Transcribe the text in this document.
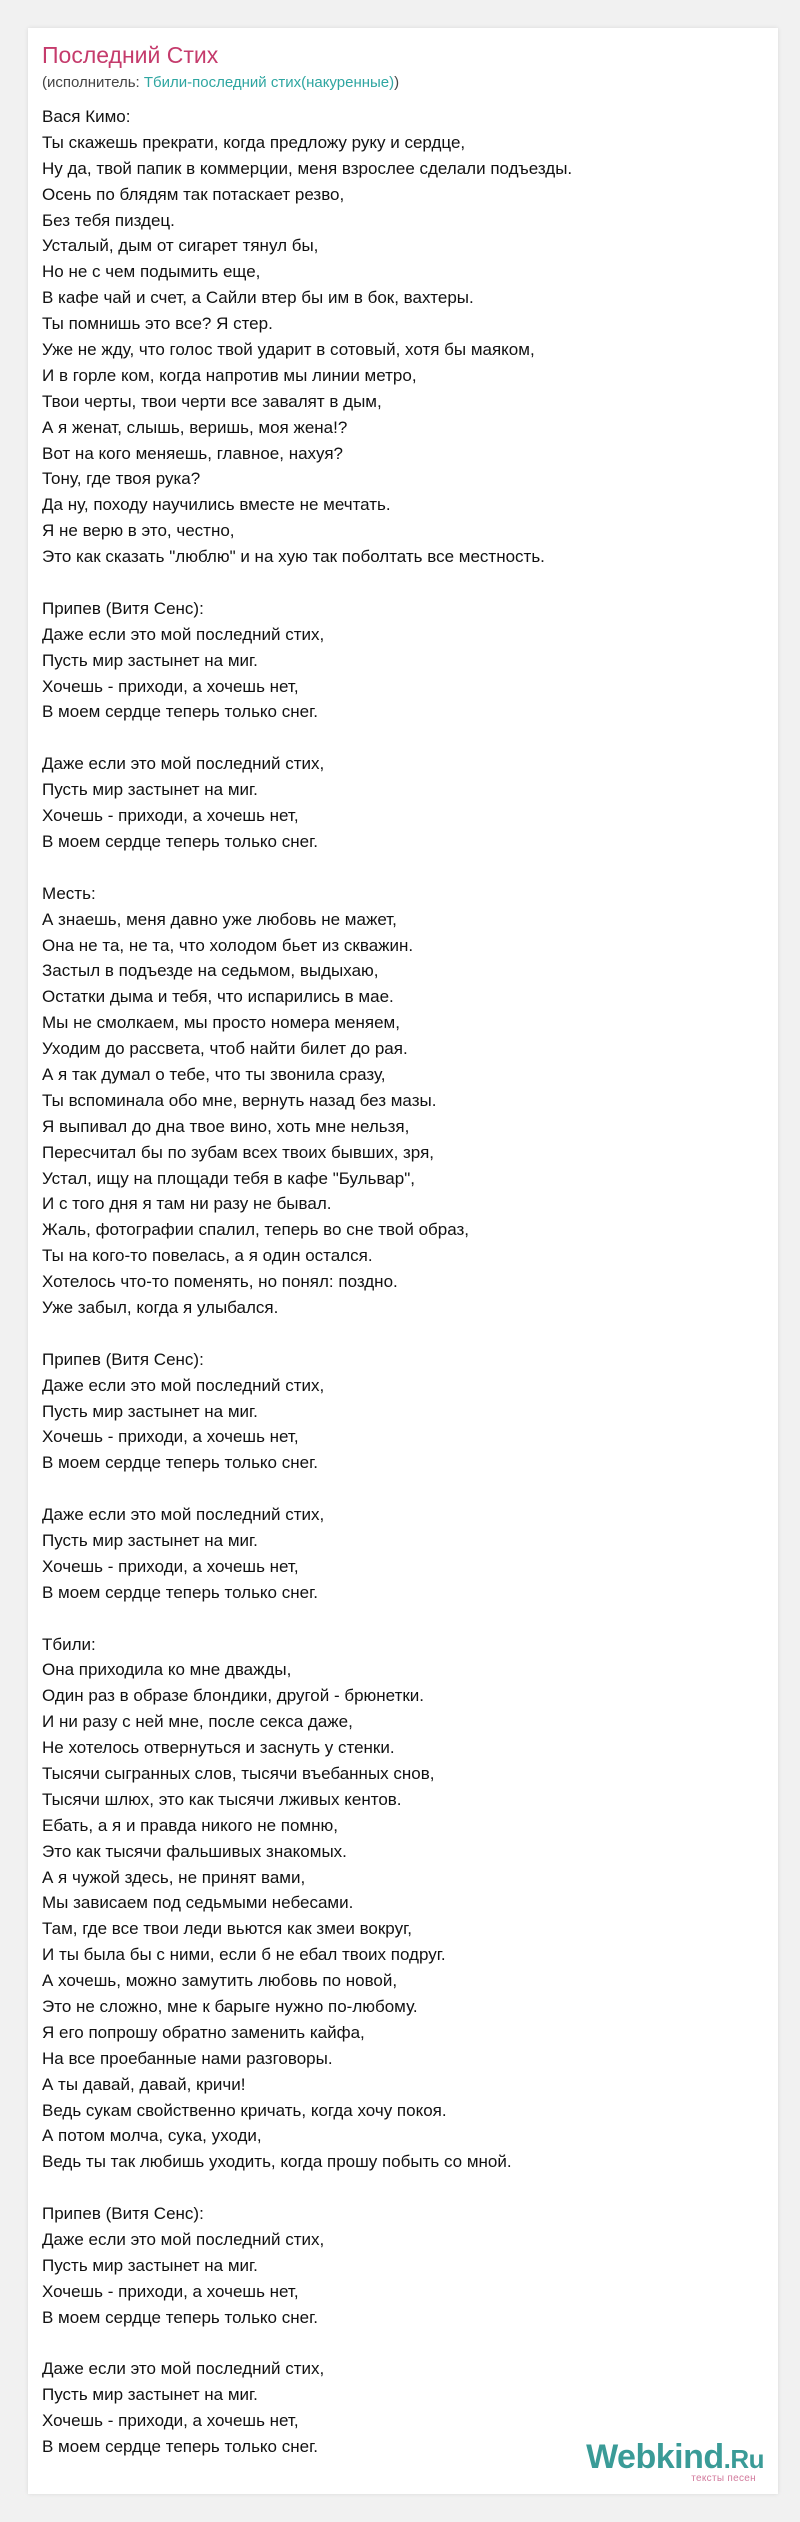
Последний Стих
(исполнитель: Тбили-последний стих(накуренные))
Вася Кимо:
Ты скажешь прекрати, когда предложу руку и сердце,
Ну да, твой папик в коммерции, меня взрослее сделали подъезды.
Осень по блядям так потаскает резво,
Без тебя пиздец.
Усталый, дым от сигарет тянул бы,
Но не с чем подымить еще,
В кафе чай и счет, а Сайли втер бы им в бок, вахтеры.
Ты помнишь это все? Я стер.
Уже не жду, что голос твой ударит в сотовый, хотя бы маяком,
И в горле ком, когда напротив мы линии метро,
Твои черты, твои черти все завалят в дым,
А я женат, слышь, веришь, моя жена!?
Вот на кого меняешь, главное, нахуя?
Тону, где твоя рука?
Да ну, походу научились вместе не мечтать.
Я не верю в это, честно,
Это как сказать "люблю" и на хую так поболтать все местность.
Припев (Витя Сенс):
Даже если это мой последний стих,
Пусть мир застынет на миг.
Хочешь - приходи, а хочешь нет,
В моем сердце теперь только снег.
Даже если это мой последний стих,
Пусть мир застынет на миг.
Хочешь - приходи, а хочешь нет,
В моем сердце теперь только снег.
Месть:
А знаешь, меня давно уже любовь не мажет,
Она не та, не та, что холодом бьет из скважин.
Застыл в подъезде на седьмом, выдыхаю,
Остатки дыма и тебя, что испарились в мае.
Мы не смолкаем, мы просто номера меняем,
Уходим до рассвета, чтоб найти билет до рая.
А я так думал о тебе, что ты звонила сразу,
Ты вспоминала обо мне, вернуть назад без мазы.
Я выпивал до дна твое вино, хоть мне нельзя,
Пересчитал бы по зубам всех твоих бывших, зря,
Устал, ищу на площади тебя в кафе "Бульвар",
И с того дня я там ни разу не бывал.
Жаль, фотографии спалил, теперь во сне твой образ,
Ты на кого-то повелась, а я один остался.
Хотелось что-то поменять, но понял: поздно.
Уже забыл, когда я улыбался.
Припев (Витя Сенс):
Даже если это мой последний стих,
Пусть мир застынет на миг.
Хочешь - приходи, а хочешь нет,
В моем сердце теперь только снег.
Даже если это мой последний стих,
Пусть мир застынет на миг.
Хочешь - приходи, а хочешь нет,
В моем сердце теперь только снег.
Тбили:
Она приходила ко мне дважды,
Один раз в образе блондики, другой - брюнетки.
И ни разу с ней мне, после секса даже,
Не хотелось отвернуться и заснуть у стенки.
Тысячи сыгранных слов, тысячи въебанных снов,
Тысячи шлюх, это как тысячи лживых кентов.
Ебать, а я и правда никого не помню,
Это как тысячи фальшивых знакомых.
А я чужой здесь, не принят вами,
Мы зависаем под седьмыми небесами.
Там, где все твои леди вьются как змеи вокруг,
И ты была бы с ними, если б не ебал твоих подруг.
А хочешь, можно замутить любовь по новой,
Это не сложно, мне к барыге нужно по-любому.
Я его попрошу обратно заменить кайфа,
На все проебанные нами разговоры.
А ты давай, давай, кричи!
Ведь сукам свойственно кричать, когда хочу покоя.
А потом молча, сука, уходи,
Ведь ты так любишь уходить, когда прошу побыть со мной.
Припев (Витя Сенс):
Даже если это мой последний стих,
Пусть мир застынет на миг.
Хочешь - приходи, а хочешь нет,
В моем сердце теперь только снег.
Даже если это мой последний стих,
Пусть мир застынет на миг.
Хочешь - приходи, а хочешь нет,
В моем сердце теперь только снег.	Webkind.Ru
тексты песен
